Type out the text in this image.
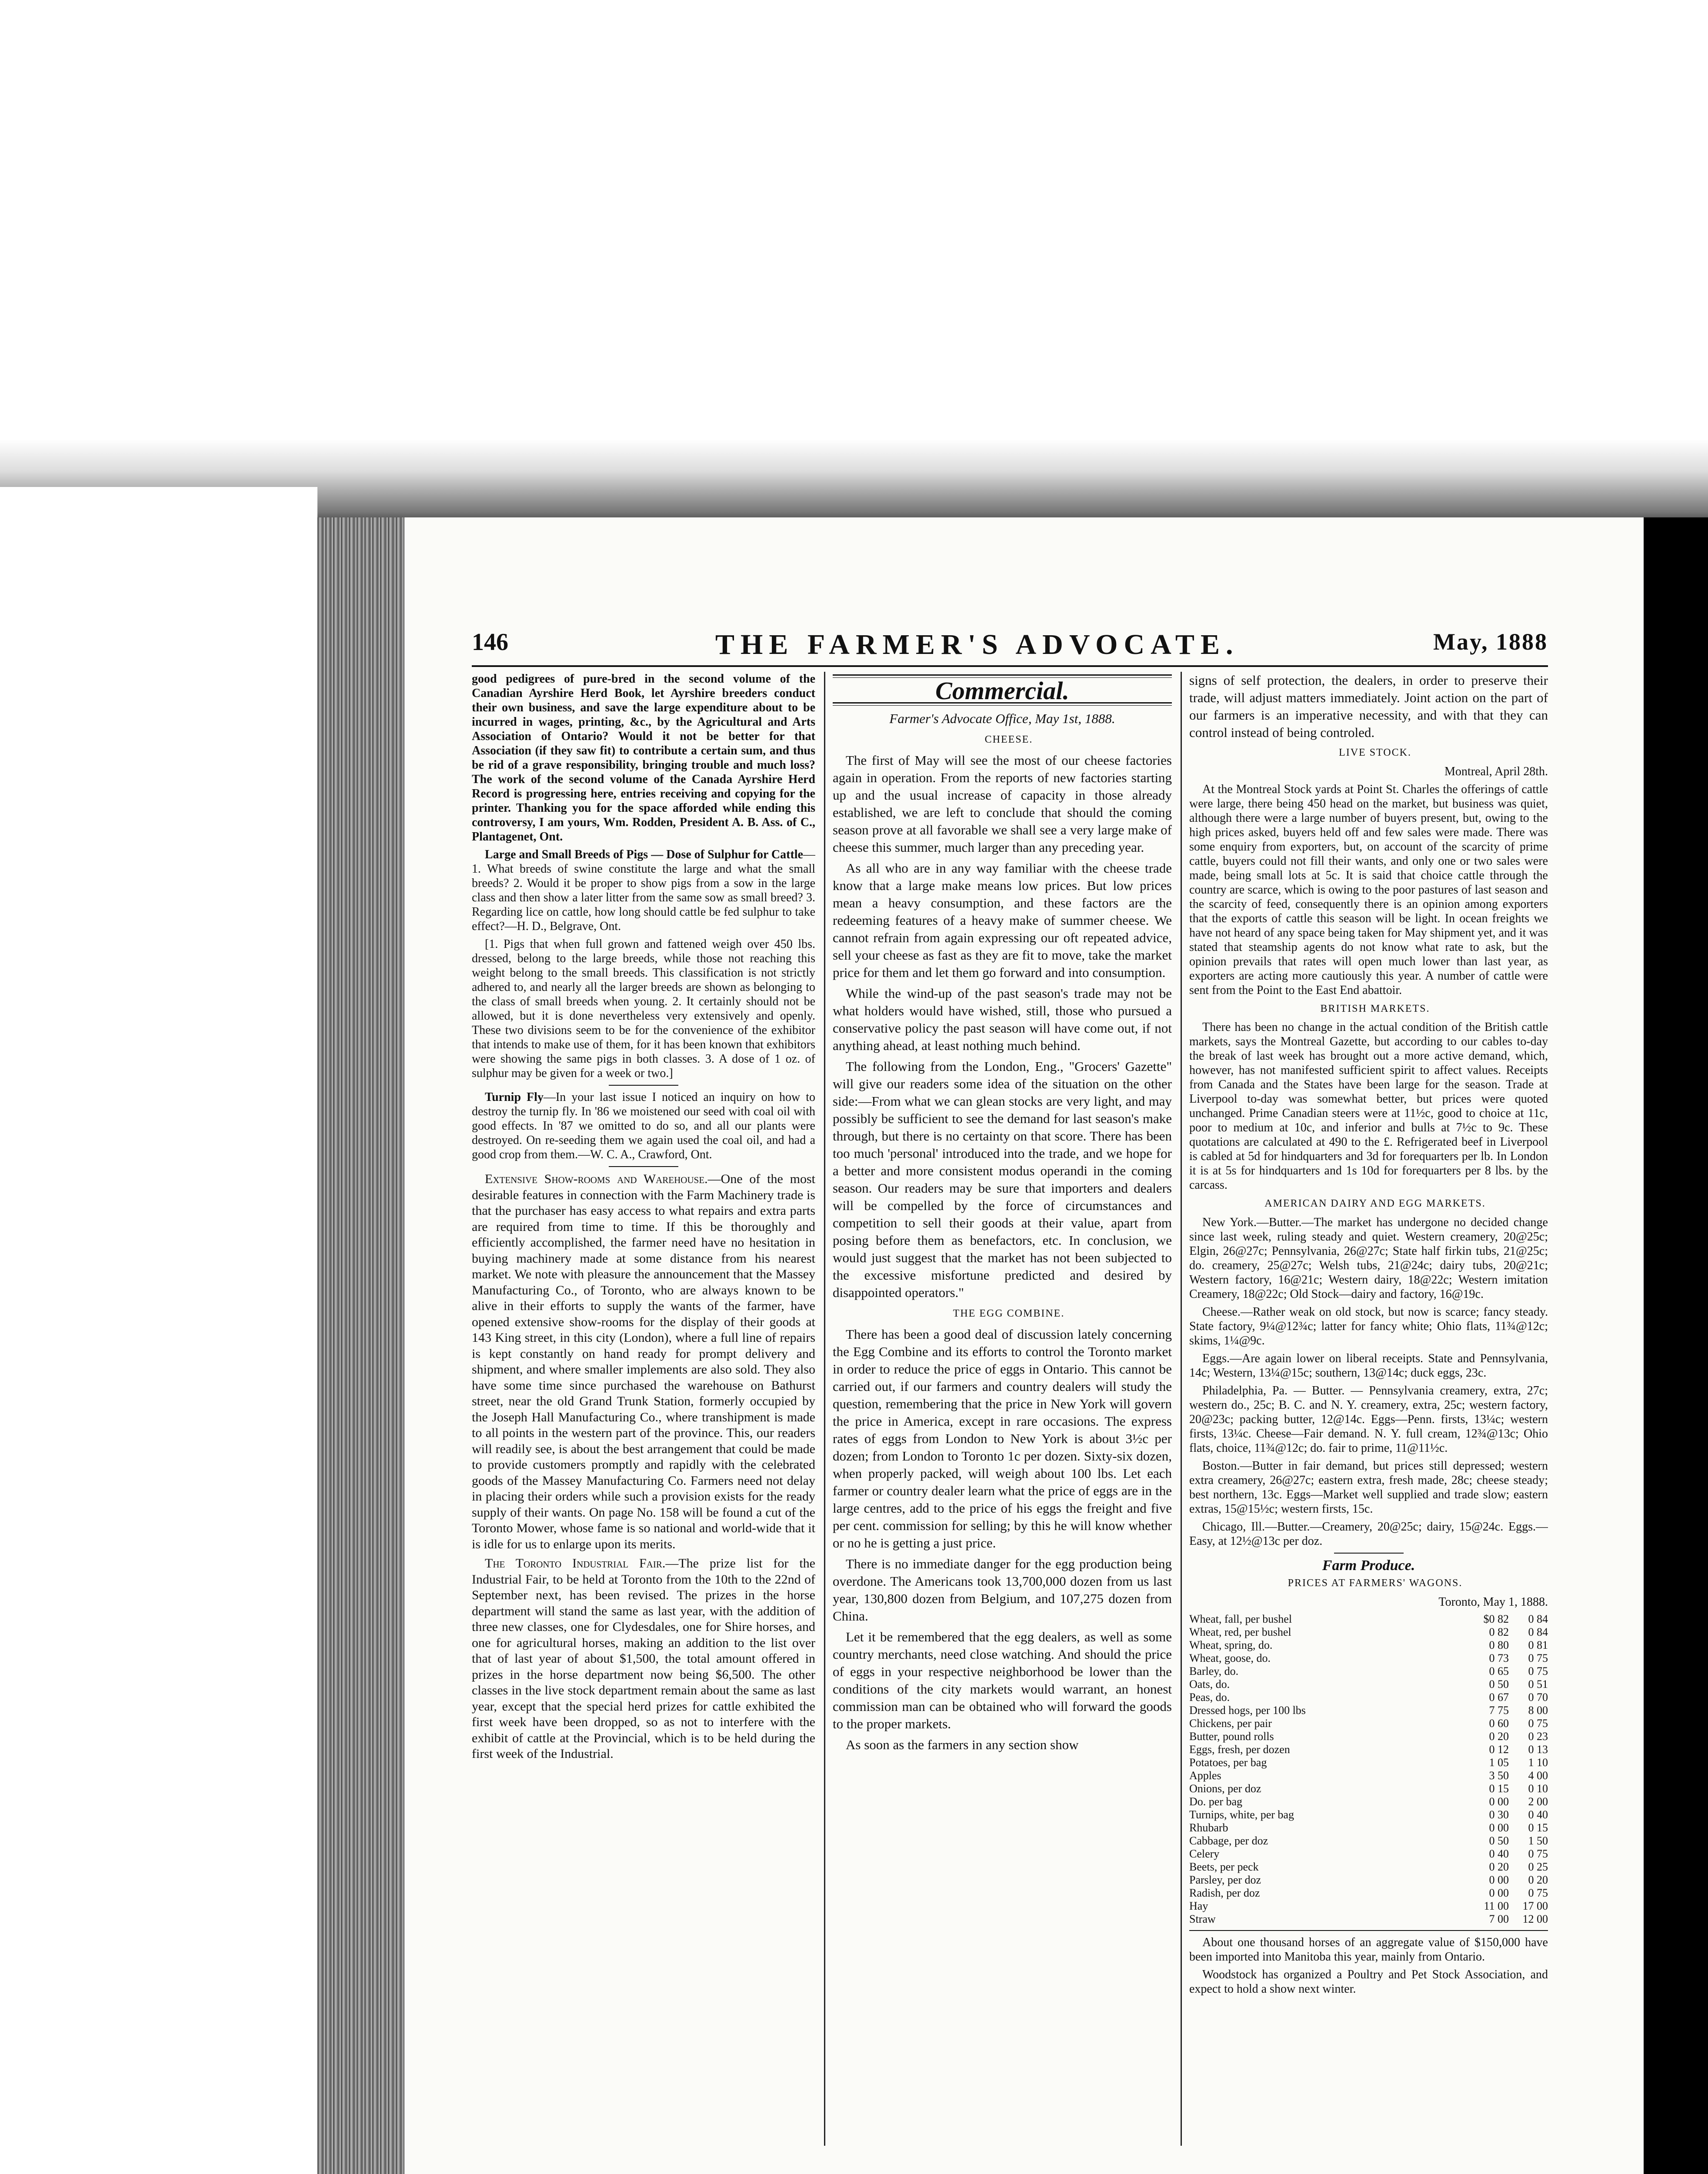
146	THE FARMER'S ADVOCATE.	May, 1888

good pedigrees of pure-bred in the second volume of the Canadian Ayrshire Herd Book, let Ayrshire breeders conduct their own business, and save the large expenditure about to be incurred in wages, printing, &c., by the Agricultural and Arts Association of Ontario? Would it not be better for that Association (if they saw fit) to contribute a certain sum, and thus be rid of a grave responsibility, bringing trouble and much loss? The work of the second volume of the Canada Ayrshire Herd Record is progressing here, entries receiving and copying for the printer. Thanking you for the space afforded while ending this controversy, I am yours, Wm. Rodden, President A. B. Ass. of C., Plantagenet, Ont.

Large and Small Breeds of Pigs — Dose of Sulphur for Cattle— 1. What breeds of swine constitute the large and what the small breeds? 2. Would it be proper to show pigs from a sow in the large class and then show a later litter from the same sow as small breed? 3. Regarding lice on cattle, how long should cattle be fed sulphur to take effect?—H. D., Belgrave, Ont.

[1. Pigs that when full grown and fattened weigh over 450 lbs. dressed, belong to the large breeds, while those not reaching this weight belong to the small breeds. This classification is not strictly adhered to, and nearly all the larger breeds are shown as belonging to the class of small breeds when young. 2. It certainly should not be allowed, but it is done nevertheless very extensively and openly. These two divisions seem to be for the convenience of the exhibitor that intends to make use of them, for it has been known that exhibitors were showing the same pigs in both classes. 3. A dose of 1 oz. of sulphur may be given for a week or two.]

Turnip Fly—In your last issue I noticed an inquiry on how to destroy the turnip fly. In '86 we moistened our seed with coal oil with good effects. In '87 we omitted to do so, and all our plants were destroyed. On re-seeding them we again used the coal oil, and had a good crop from them.—W. C. A., Crawford, Ont.

Extensive Show-rooms and Warehouse.—One of the most desirable features in connection with the Farm Machinery trade is that the purchaser has easy access to what repairs and extra parts are required from time to time. If this be thoroughly and efficiently accomplished, the farmer need have no hesitation in buying machinery made at some distance from his nearest market. We note with pleasure the announcement that the Massey Manufacturing Co., of Toronto, who are always known to be alive in their efforts to supply the wants of the farmer, have opened extensive show-rooms for the display of their goods at 143 King street, in this city (London), where a full line of repairs is kept constantly on hand ready for prompt delivery and shipment, and where smaller implements are also sold. They also have some time since purchased the warehouse on Bathurst street, near the old Grand Trunk Station, formerly occupied by the Joseph Hall Manufacturing Co., where transhipment is made to all points in the western part of the province. This, our readers will readily see, is about the best arrangement that could be made to provide customers promptly and rapidly with the celebrated goods of the Massey Manufacturing Co. Farmers need not delay in placing their orders while such a provision exists for the ready supply of their wants. On page No. 158 will be found a cut of the Toronto Mower, whose fame is so national and world-wide that it is idle for us to enlarge upon its merits.

The Toronto Industrial Fair.—The prize list for the Industrial Fair, to be held at Toronto from the 10th to the 22nd of September next, has been revised. The prizes in the horse department will stand the same as last year, with the addition of three new classes, one for Clydesdales, one for Shire horses, and one for agricultural horses, making an addition to the list over that of last year of about $1,500, the total amount offered in prizes in the horse department now being $6,500. The other classes in the live stock department remain about the same as last year, except that the special herd prizes for cattle exhibited the first week have been dropped, so as not to interfere with the exhibit of cattle at the Provincial, which is to be held during the first week of the Industrial.

Commercial.

Farmer's Advocate Office, May 1st, 1888.

CHEESE.

The first of May will see the most of our cheese factories again in operation. From the reports of new factories starting up and the usual increase of capacity in those already established, we are left to conclude that should the coming season prove at all favorable we shall see a very large make of cheese this summer, much larger than any preceding year.

As all who are in any way familiar with the cheese trade know that a large make means low prices. But low prices mean a heavy consumption, and these factors are the redeeming features of a heavy make of summer cheese. We cannot refrain from again expressing our oft repeated advice, sell your cheese as fast as they are fit to move, take the market price for them and let them go forward and into consumption.

While the wind-up of the past season's trade may not be what holders would have wished, still, those who pursued a conservative policy the past season will have come out, if not anything ahead, at least nothing much behind.

The following from the London, Eng., "Grocers' Gazette" will give our readers some idea of the situation on the other side:—From what we can glean stocks are very light, and may possibly be sufficient to see the demand for last season's make through, but there is no certainty on that score. There has been too much 'personal' introduced into the trade, and we hope for a better and more consistent modus operandi in the coming season. Our readers may be sure that importers and dealers will be compelled by the force of circumstances and competition to sell their goods at their value, apart from posing before them as benefactors, etc. In conclusion, we would just suggest that the market has not been subjected to the excessive misfortune predicted and desired by disappointed operators."

THE EGG COMBINE.

There has been a good deal of discussion lately concerning the Egg Combine and its efforts to control the Toronto market in order to reduce the price of eggs in Ontario. This cannot be carried out, if our farmers and country dealers will study the question, remembering that the price in New York will govern the price in America, except in rare occasions. The express rates of eggs from London to New York is about 3½c per dozen; from London to Toronto 1c per dozen. Sixty-six dozen, when properly packed, will weigh about 100 lbs. Let each farmer or country dealer learn what the price of eggs are in the large centres, add to the price of his eggs the freight and five per cent. commission for selling; by this he will know whether or no he is getting a just price.

There is no immediate danger for the egg production being overdone. The Americans took 13,700,000 dozen from us last year, 130,800 dozen from Belgium, and 107,275 dozen from China.

Let it be remembered that the egg dealers, as well as some country merchants, need close watching. And should the price of eggs in your respective neighborhood be lower than the conditions of the city markets would warrant, an honest commission man can be obtained who will forward the goods to the proper markets.

As soon as the farmers in any section show

signs of self protection, the dealers, in order to preserve their trade, will adjust matters immediately. Joint action on the part of our farmers is an imperative necessity, and with that they can control instead of being controled.

LIVE STOCK.

Montreal, April 28th.

At the Montreal Stock yards at Point St. Charles the offerings of cattle were large, there being 450 head on the market, but business was quiet, although there were a large number of buyers present, but, owing to the high prices asked, buyers held off and few sales were made. There was some enquiry from exporters, but, on account of the scarcity of prime cattle, buyers could not fill their wants, and only one or two sales were made, being small lots at 5c. It is said that choice cattle through the country are scarce, which is owing to the poor pastures of last season and the scarcity of feed, consequently there is an opinion among exporters that the exports of cattle this season will be light. In ocean freights we have not heard of any space being taken for May shipment yet, and it was stated that steamship agents do not know what rate to ask, but the opinion prevails that rates will open much lower than last year, as exporters are acting more cautiously this year. A number of cattle were sent from the Point to the East End abattoir.

BRITISH MARKETS.

There has been no change in the actual condition of the British cattle markets, says the Montreal Gazette, but according to our cables to-day the break of last week has brought out a more active demand, which, however, has not manifested sufficient spirit to affect values. Receipts from Canada and the States have been large for the season. Trade at Liverpool to-day was somewhat better, but prices were quoted unchanged. Prime Canadian steers were at 11½c, good to choice at 11c, poor to medium at 10c, and inferior and bulls at 7½c to 9c. These quotations are calculated at 490 to the £. Refrigerated beef in Liverpool is cabled at 5d for hindquarters and 3d for forequarters per lb. In London it is at 5s for hindquarters and 1s 10d for forequarters per 8 lbs. by the carcass.

AMERICAN DAIRY AND EGG MARKETS.

New York.—Butter.—The market has undergone no decided change since last week, ruling steady and quiet. Western creamery, 20@25c; Elgin, 26@27c; Pennsylvania, 26@27c; State half firkin tubs, 21@25c; do. creamery, 25@27c; Welsh tubs, 21@24c; dairy tubs, 20@21c; Western factory, 16@21c; Western dairy, 18@22c; Western imitation Creamery, 18@22c; Old Stock—dairy and factory, 16@19c.

Cheese.—Rather weak on old stock, but now is scarce; fancy steady. State factory, 9¼@12¾c; latter for fancy white; Ohio flats, 11¾@12c; skims, 1¼@9c.

Eggs.—Are again lower on liberal receipts. State and Pennsylvania, 14c; Western, 13¼@15c; southern, 13@14c; duck eggs, 23c.

Philadelphia, Pa. — Butter. — Pennsylvania creamery, extra, 27c; western do., 25c; B. C. and N. Y. creamery, extra, 25c; western factory, 20@23c; packing butter, 12@14c. Eggs—Penn. firsts, 13¼c; western firsts, 13¼c. Cheese—Fair demand. N. Y. full cream, 12¾@13c; Ohio flats, choice, 11¾@12c; do. fair to prime, 11@11½c.

Boston.—Butter in fair demand, but prices still depressed; western extra creamery, 26@27c; eastern extra, fresh made, 28c; cheese steady; best northern, 13c. Eggs—Market well supplied and trade slow; eastern extras, 15@15½c; western firsts, 15c.

Chicago, Ill.—Butter.—Creamery, 20@25c; dairy, 15@24c. Eggs.—Easy, at 12½@13c per doz.

Farm Produce.

PRICES AT FARMERS' WAGONS.

Toronto, May 1, 1888.

Wheat, fall, per bushel	$0 82	0 84
Wheat, red, per bushel	0 82	0 84
Wheat, spring, do.	0 80	0 81
Wheat, goose, do.	0 73	0 75
Barley, do.	0 65	0 75
Oats, do.	0 50	0 51
Peas, do.	0 67	0 70
Dressed hogs, per 100 lbs	7 75	8 00
Chickens, per pair	0 60	0 75
Butter, pound rolls	0 20	0 23
Eggs, fresh, per dozen	0 12	0 13
Potatoes, per bag	1 05	1 10
Apples	3 50	4 00
Onions, per doz	0 15	0 10
Do. per bag	0 00	2 00
Turnips, white, per bag	0 30	0 40
Rhubarb	0 00	0 15
Cabbage, per doz	0 50	1 50
Celery	0 40	0 75
Beets, per peck	0 20	0 25
Parsley, per doz	0 00	0 20
Radish, per doz	0 00	0 75
Hay	11 00	17 00
Straw	7 00	12 00

About one thousand horses of an aggregate value of $150,000 have been imported into Manitoba this year, mainly from Ontario.

Woodstock has organized a Poultry and Pet Stock Association, and expect to hold a show next winter.
